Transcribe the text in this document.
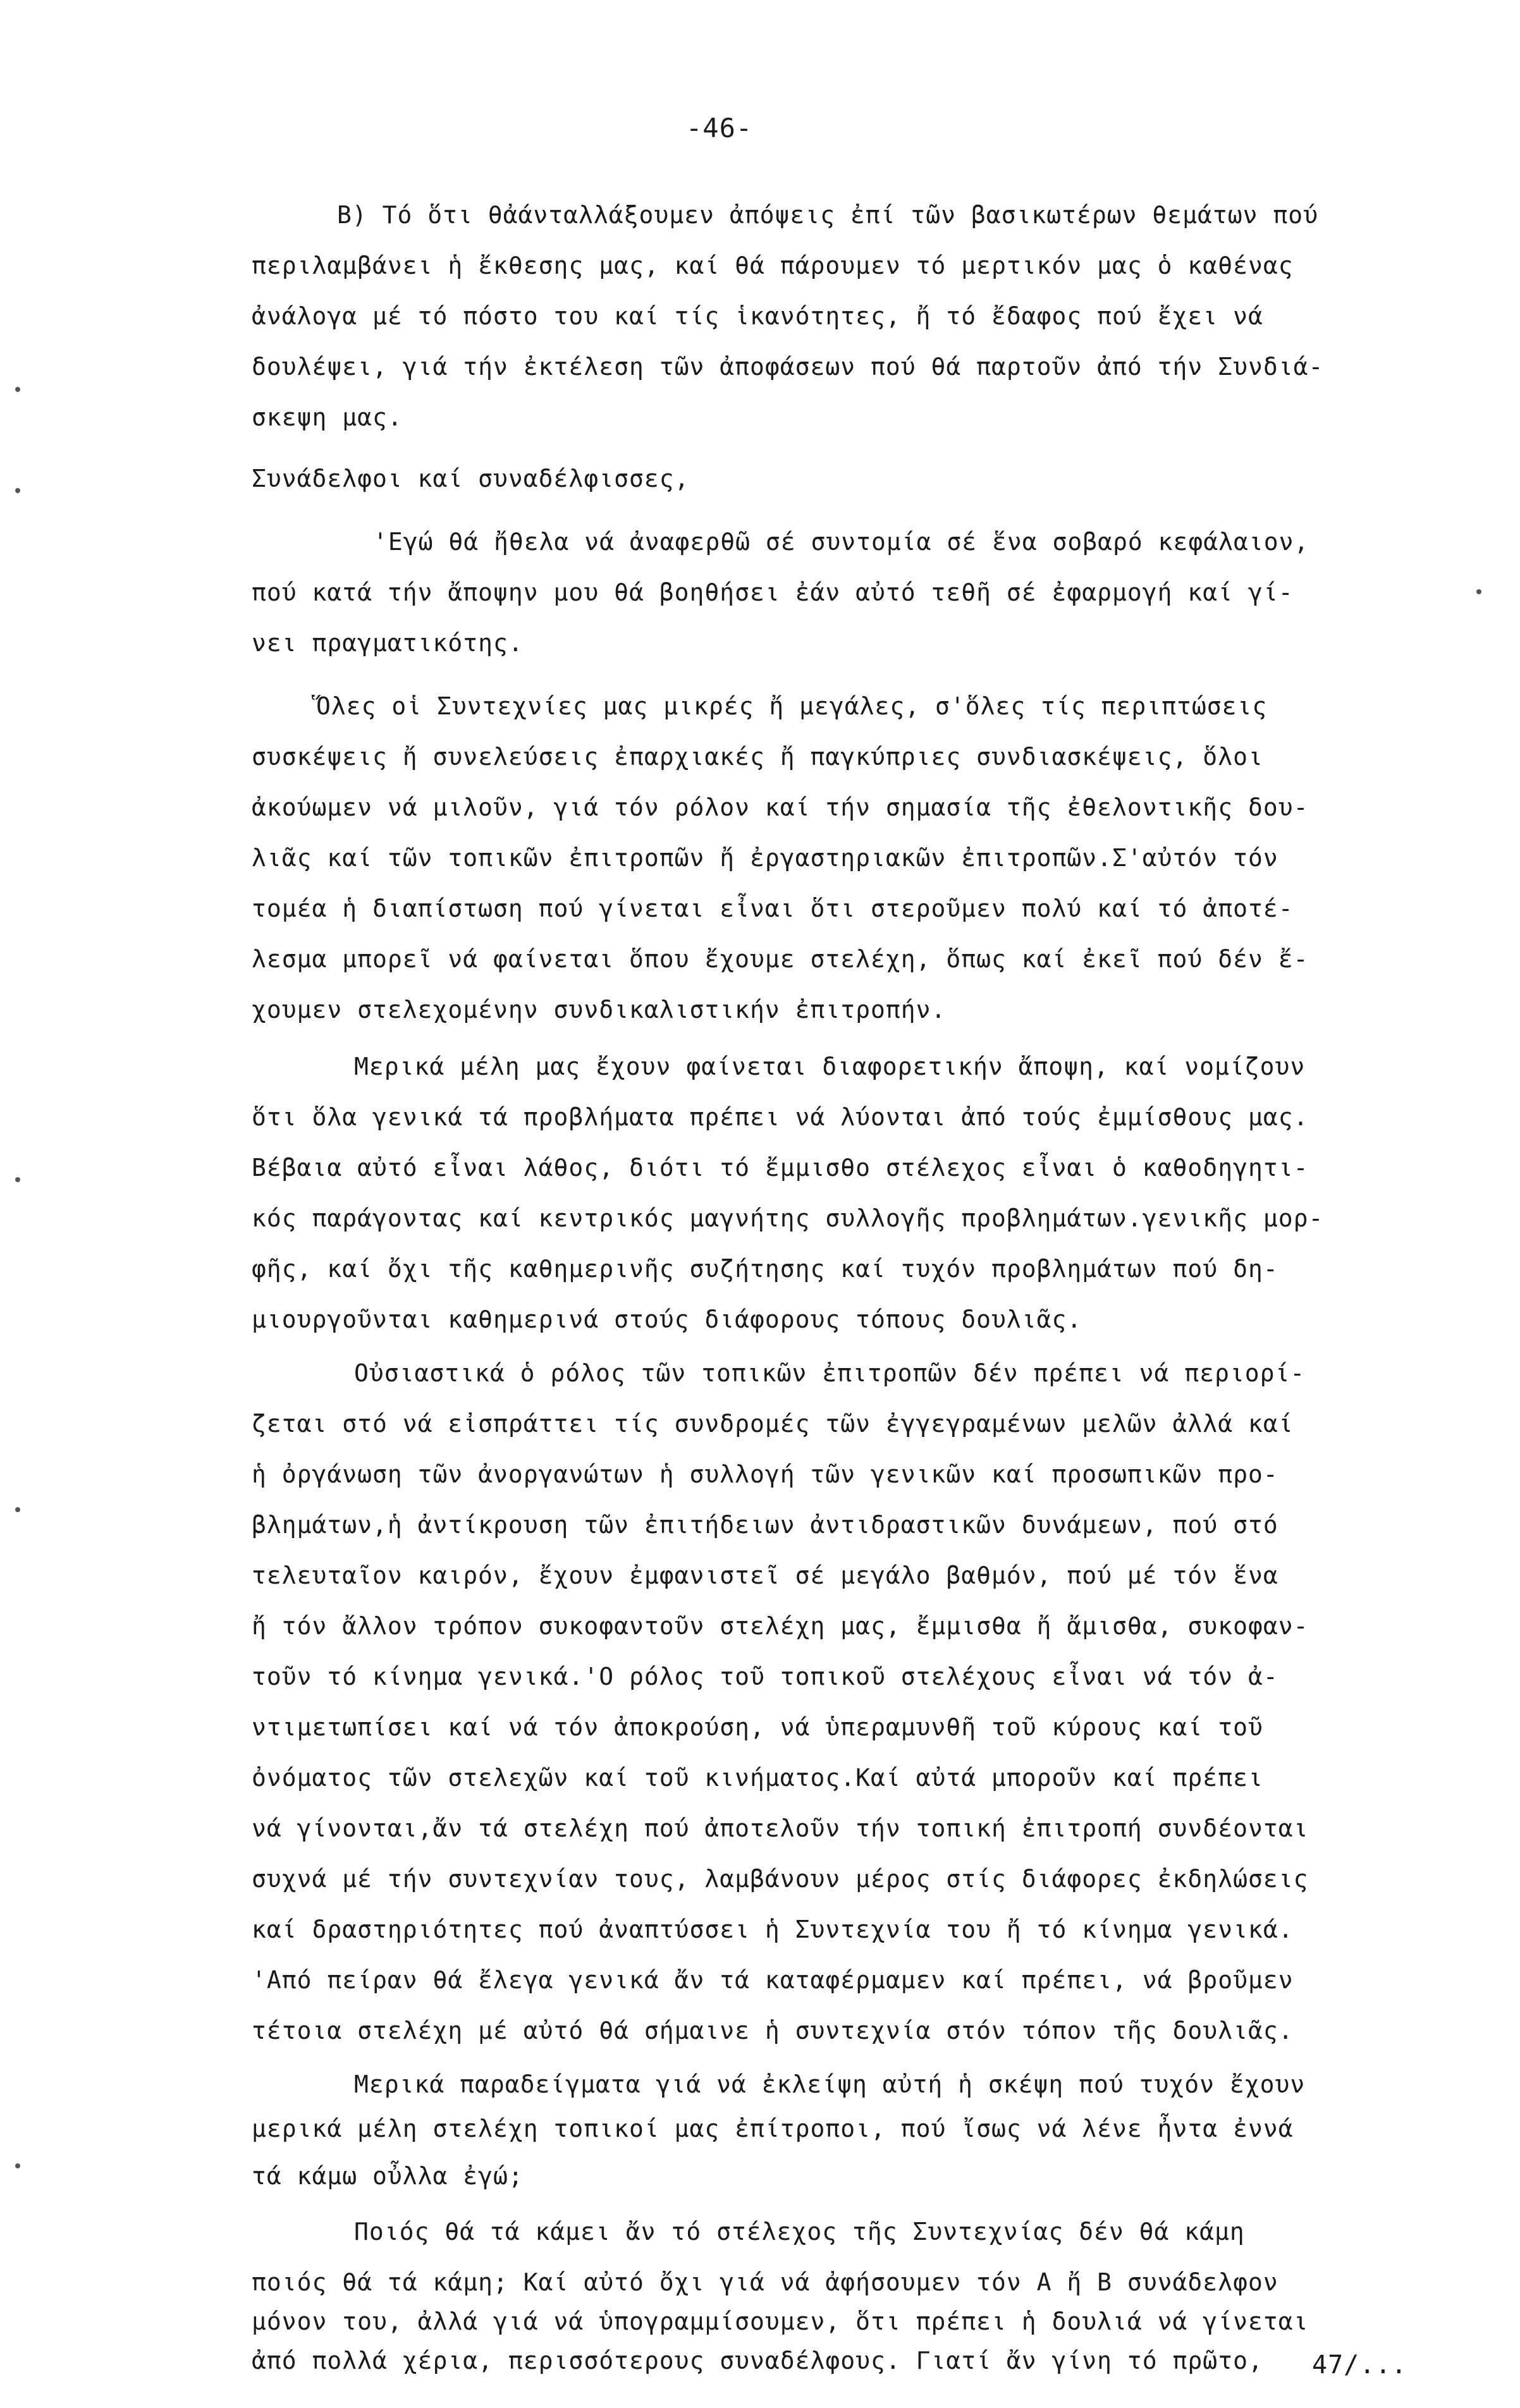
-46-
B) Τό ὅτι θἀάνταλλάξουμεν ἀπόψεις ἐπί τῶν βασικωτέρων θεμάτων πού
περιλαμβάνει ἡ ἔκθεσης μας, καί θά πάρουμεν τό μερτικόν μας ὁ καθένας
ἀνάλογα μέ τό πόστο του καί τίς ἱκανότητες, ἤ τό ἔδαφος πού ἔχει νά
δουλέψει, γιά τήν ἐκτέλεση τῶν ἀποφάσεων πού θά παρτοῦν ἀπό τήν Συνδιά-
σκεψη μας.
Συνάδελφοι καί συναδέλφισσες,
'Εγώ θά ἤθελα νά ἀναφερθῶ σέ συντομία σέ ἕνα σοβαρό κεφάλαιον,
πού κατά τήν ἄποψην μου θά βοηθήσει ἐάν αὐτό τεθῆ σέ ἐφαρμογή καί γί-
νει πραγματικότης.
Ὅλες οἱ Συντεχνίες μας μικρές ἤ μεγάλες, σ'ὅλες τίς περιπτώσεις
συσκέψεις ἤ συνελεύσεις ἐπαρχιακές ἤ παγκύπριες συνδιασκέψεις, ὅλοι
ἀκούωμεν νά μιλοῦν, γιά τόν ρόλον καί τήν σημασία τῆς ἐθελοντικῆς δου-
λιᾶς καί τῶν τοπικῶν ἐπιτροπῶν ἤ ἐργαστηριακῶν ἐπιτροπῶν.Σ'αὐτόν τόν
τομέα ἡ διαπίστωση πού γίνεται εἶναι ὅτι στεροῦμεν πολύ καί τό ἀποτέ-
λεσμα μπορεῖ νά φαίνεται ὅπου ἔχουμε στελέχη, ὅπως καί ἐκεῖ πού δέν ἔ-
χουμεν στελεχομένην συνδικαλιστικήν ἐπιτροπήν.
Μερικά μέλη μας ἔχουν φαίνεται διαφορετικήν ἄποψη, καί νομίζουν
ὅτι ὅλα γενικά τά προβλήματα πρέπει νά λύονται ἀπό τούς ἐμμίσθους μας.
Βέβαια αὐτό εἶναι λάθος, διότι τό ἔμμισθο στέλεχος εἶναι ὁ καθοδηγητι-
κός παράγοντας καί κεντρικός μαγνήτης συλλογῆς προβλημάτων.γενικῆς μορ-
φῆς, καί ὄχι τῆς καθημερινῆς συζήτησης καί τυχόν προβλημάτων πού δη-
μιουργοῦνται καθημερινά στούς διάφορους τόπους δουλιᾶς.
Οὐσιαστικά ὁ ρόλος τῶν τοπικῶν ἐπιτροπῶν δέν πρέπει νά περιορί-
ζεται στό νά εἰσπράττει τίς συνδρομές τῶν ἐγγεγραμένων μελῶν ἀλλά καί
ἡ ὀργάνωση τῶν ἀνοργανώτων ἡ συλλογή τῶν γενικῶν καί προσωπικῶν προ-
βλημάτων,ἡ ἀντίκρουση τῶν ἐπιτήδειων ἀντιδραστικῶν δυνάμεων, πού στό
τελευταῖον καιρόν, ἔχουν ἐμφανιστεῖ σέ μεγάλο βαθμόν, πού μέ τόν ἕνα
ἤ τόν ἄλλον τρόπον συκοφαντοῦν στελέχη μας, ἔμμισθα ἤ ἄμισθα, συκοφαν-
τοῦν τό κίνημα γενικά.'Ο ρόλος τοῦ τοπικοῦ στελέχους εἶναι νά τόν ἀ-
ντιμετωπίσει καί νά τόν ἀποκρούση, νά ὑπεραμυνθῆ τοῦ κύρους καί τοῦ
ὀνόματος τῶν στελεχῶν καί τοῦ κινήματος.Καί αὐτά μποροῦν καί πρέπει
νά γίνονται,ἄν τά στελέχη πού ἀποτελοῦν τήν τοπική ἐπιτροπή συνδέονται
συχνά μέ τήν συντεχνίαν τους, λαμβάνουν μέρος στίς διάφορες ἐκδηλώσεις
καί δραστηριότητες πού ἀναπτύσσει ἡ Συντεχνία του ἤ τό κίνημα γενικά.
'Από πείραν θά ἔλεγα γενικά ἄν τά καταφέρμαμεν καί πρέπει, νά βροῦμεν
τέτοια στελέχη μέ αὐτό θά σήμαινε ἡ συντεχνία στόν τόπον τῆς δουλιᾶς.
Μερικά παραδείγματα γιά νά ἐκλείψη αὐτή ἡ σκέψη πού τυχόν ἔχουν
μερικά μέλη στελέχη τοπικοί μας ἐπίτροποι, πού ἴσως νά λένε ἦντα ἐννά
τά κάμω οὖλλα ἐγώ;
Ποιός θά τά κάμει ἄν τό στέλεχος τῆς Συντεχνίας δέν θά κάμη
ποιός θά τά κάμη; Καί αὐτό ὄχι γιά νά ἀφήσουμεν τόν Α ἤ Β συνάδελφον
μόνον του, ἀλλά γιά νά ὑπογραμμίσουμεν, ὅτι πρέπει ἡ δουλιά νά γίνεται
ἀπό πολλά χέρια, περισσότερους συναδέλφους. Γιατί ἄν γίνη τό πρῶτο, 47/...
